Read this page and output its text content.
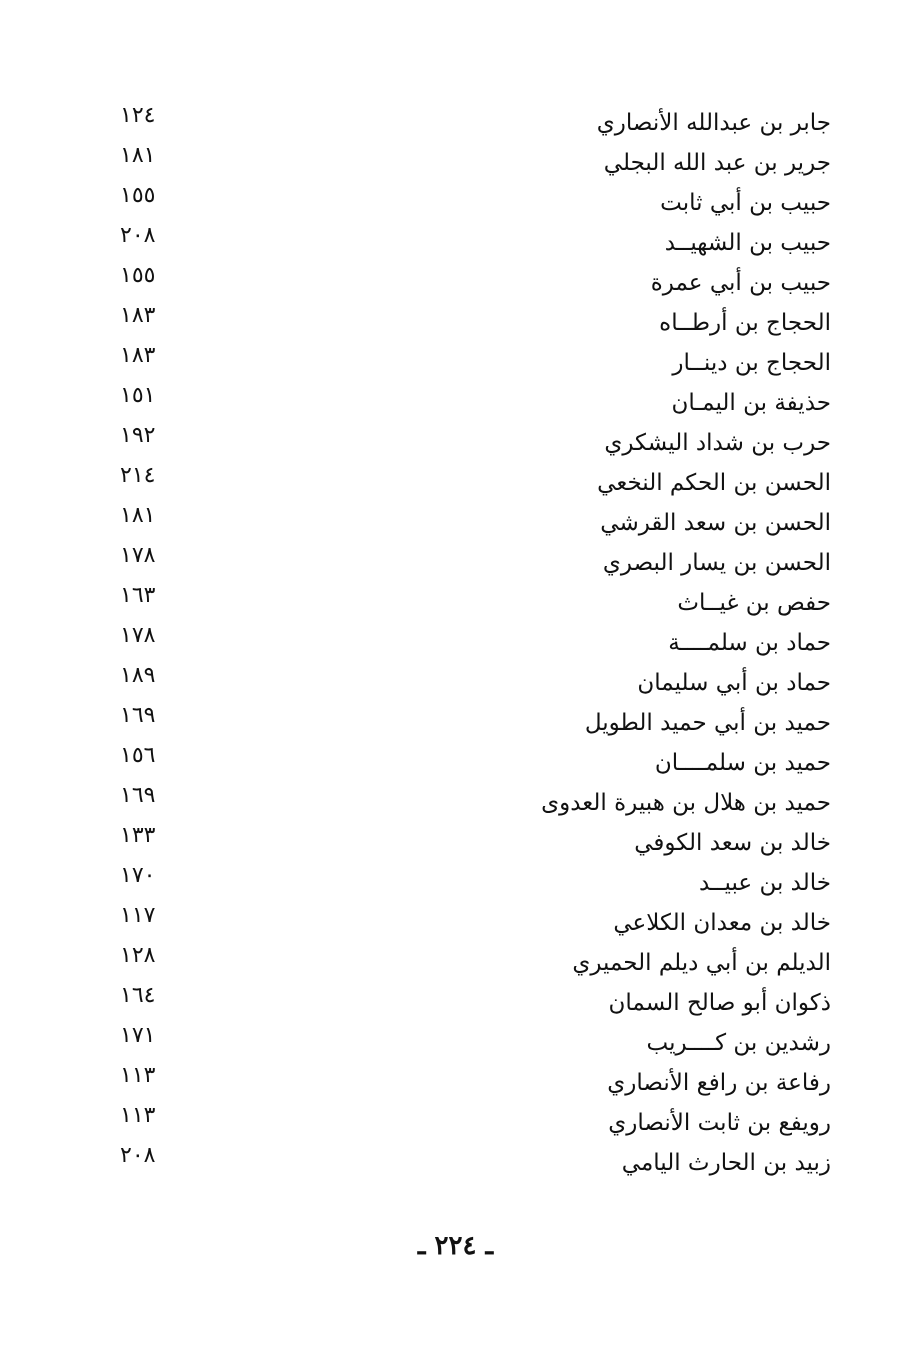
جابر بن عبدالله الأنصاري
١٢٤
جرير بن عبد الله البجلي
١٨١
حبيب بن أبي ثابت
١٥٥
حبيب بن الشهيــد
٢٠٨
حبيب بن أبي عمرة
١٥٥
الحجاج بن أرطــاه
١٨٣
الحجاج بن دينــار
١٨٣
حذيفة بن اليمـان
١٥١
حرب بن شداد اليشكري
١٩٢
الحسن بن الحكم النخعي
٢١٤
الحسن بن سعد القرشي
١٨١
الحسن بن يسار البصري
١٧٨
حفص بن غيــاث
١٦٣
حماد بن سلمــــة
١٧٨
حماد بن أبي سليمان
١٨٩
حميد بن أبي حميد الطويل
١٦٩
حميد بن سلمــــان
١٥٦
حميد بن هلال بن هبيرة العدوى
١٦٩
خالد بن سعد الكوفي
١٣٣
خالد بن عبيــد
١٧٠
خالد بن معدان الكلاعي
١١٧
الديلم بن أبي ديلم الحميري
١٢٨
ذكوان أبو صالح السمان
١٦٤
رشدين بن كــــريب
١٧١
رفاعة بن رافع الأنصاري
١١٣
رويفع بن ثابت الأنصاري
١١٣
زبيد بن الحارث اليامي
٢٠٨
ـ ٢٢٤ ـ
